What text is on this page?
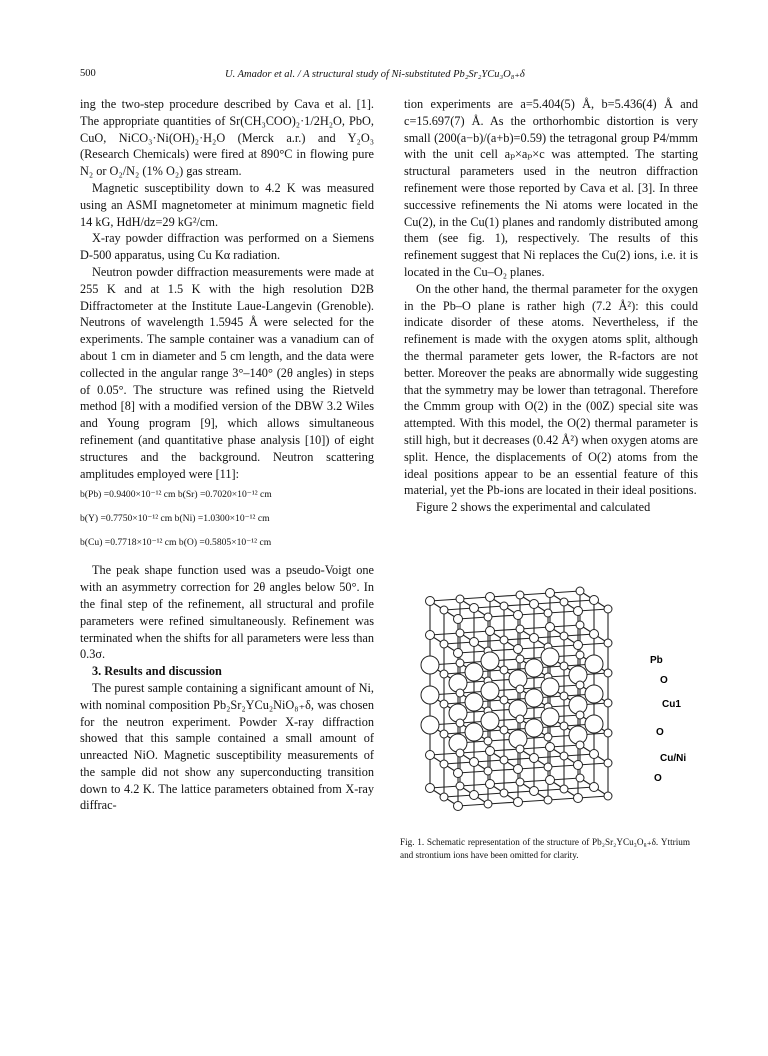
500	U. Amador et al. / A structural study of Ni-substituted Pb₂Sr₂YCu₃O₈₊δ

ing the two-step procedure described by Cava et al. [1]. The appropriate quantities of Sr(CH₃COO)₂·1/2H₂O, PbO, CuO, NiCO₃·Ni(OH)₂·H₂O (Merck a.r.) and Y₂O₃ (Research Chemicals) were fired at 890°C in flowing pure N₂ or O₂/N₂ (1% O₂) gas stream.

Magnetic susceptibility down to 4.2 K was measured using an ASMI magnetometer at minimum magnetic field 14 kG, HdH/dz=29 kG²/cm.

X-ray powder diffraction was performed on a Siemens D-500 apparatus, using Cu Kα radiation.

Neutron powder diffraction measurements were made at 255 K and at 1.5 K with the high resolution D2B Diffractometer at the Institute Laue-Langevin (Grenoble). Neutrons of wavelength 1.5945 Å were selected for the experiments. The sample container was a vanadium can of about 1 cm in diameter and 5 cm length, and the data were collected in the angular range 3°–140° (2θ angles) in steps of 0.05°. The structure was refined using the Rietveld method [8] with a modified version of the DBW 3.2 Wiles and Young program [9], which allows simultaneous refinement (and quantitative phase analysis [10]) of eight structures and the background. Neutron scattering amplitudes employed were [11]:

b(Pb) =0.9400×10⁻¹² cm b(Sr) =0.7020×10⁻¹² cm
b(Y) =0.7750×10⁻¹² cm b(Ni) =1.0300×10⁻¹² cm
b(Cu) =0.7718×10⁻¹² cm b(O) =0.5805×10⁻¹² cm

The peak shape function used was a pseudo-Voigt one with an asymmetry correction for 2θ angles below 50°. In the final step of the refinement, all structural and profile parameters were refined simultaneously. Refinement was terminated when the shifts for all parameters were less than 0.3σ.

3. Results and discussion

The purest sample containing a significant amount of Ni, with nominal composition Pb₂Sr₂YCu₂NiO₈₊δ, was chosen for the neutron experiment. Powder X-ray diffraction showed that this sample contained a small amount of unreacted NiO. Magnetic susceptibility measurements of the sample did not show any superconducting transition down to 4.2 K. The lattice parameters obtained from X-ray diffrac-

tion experiments are a=5.404(5) Å, b=5.436(4) Å and c=15.697(7) Å. As the orthorhombic distortion is very small (200(a−b)/(a+b)=0.59) the tetragonal group P4/mmm with the unit cell aₚ×aₚ×c was attempted. The starting structural parameters used in the neutron diffraction refinement were those reported by Cava et al. [3]. In three successive refinements the Ni atoms were located in the Cu(2), in the Cu(1) planes and randomly distributed among them (see fig. 1), respectively. The results of this refinement suggest that Ni replaces the Cu(2) ions, i.e. it is located in the Cu–O₂ planes.

On the other hand, the thermal parameter for the oxygen in the Pb–O plane is rather high (7.2 Å²): this could indicate disorder of these atoms. Nevertheless, if the refinement is made with the oxygen atoms split, although the thermal parameter gets lower, the R-factors are not better. Moreover the peaks are abnormally wide suggesting that the symmetry may be lower than tetragonal. Therefore the Cmmm group with O(2) in the (00Z) special site was attempted. With this model, the O(2) thermal parameter is still high, but it decreases (0.42 Å²) when oxygen atoms are split. Hence, the displacements of O(2) atoms from the ideal positions appear to be an essential feature of this material, yet the Pb-ions are located in their ideal positions.

Figure 2 shows the experimental and calculated

Pb
O
Cu1
O
Cu/Ni
O
Fig. 1. Schematic representation of the structure of Pb₂Sr₂YCu₃O₈₊δ. Yttrium and strontium ions have been omitted for clarity.
